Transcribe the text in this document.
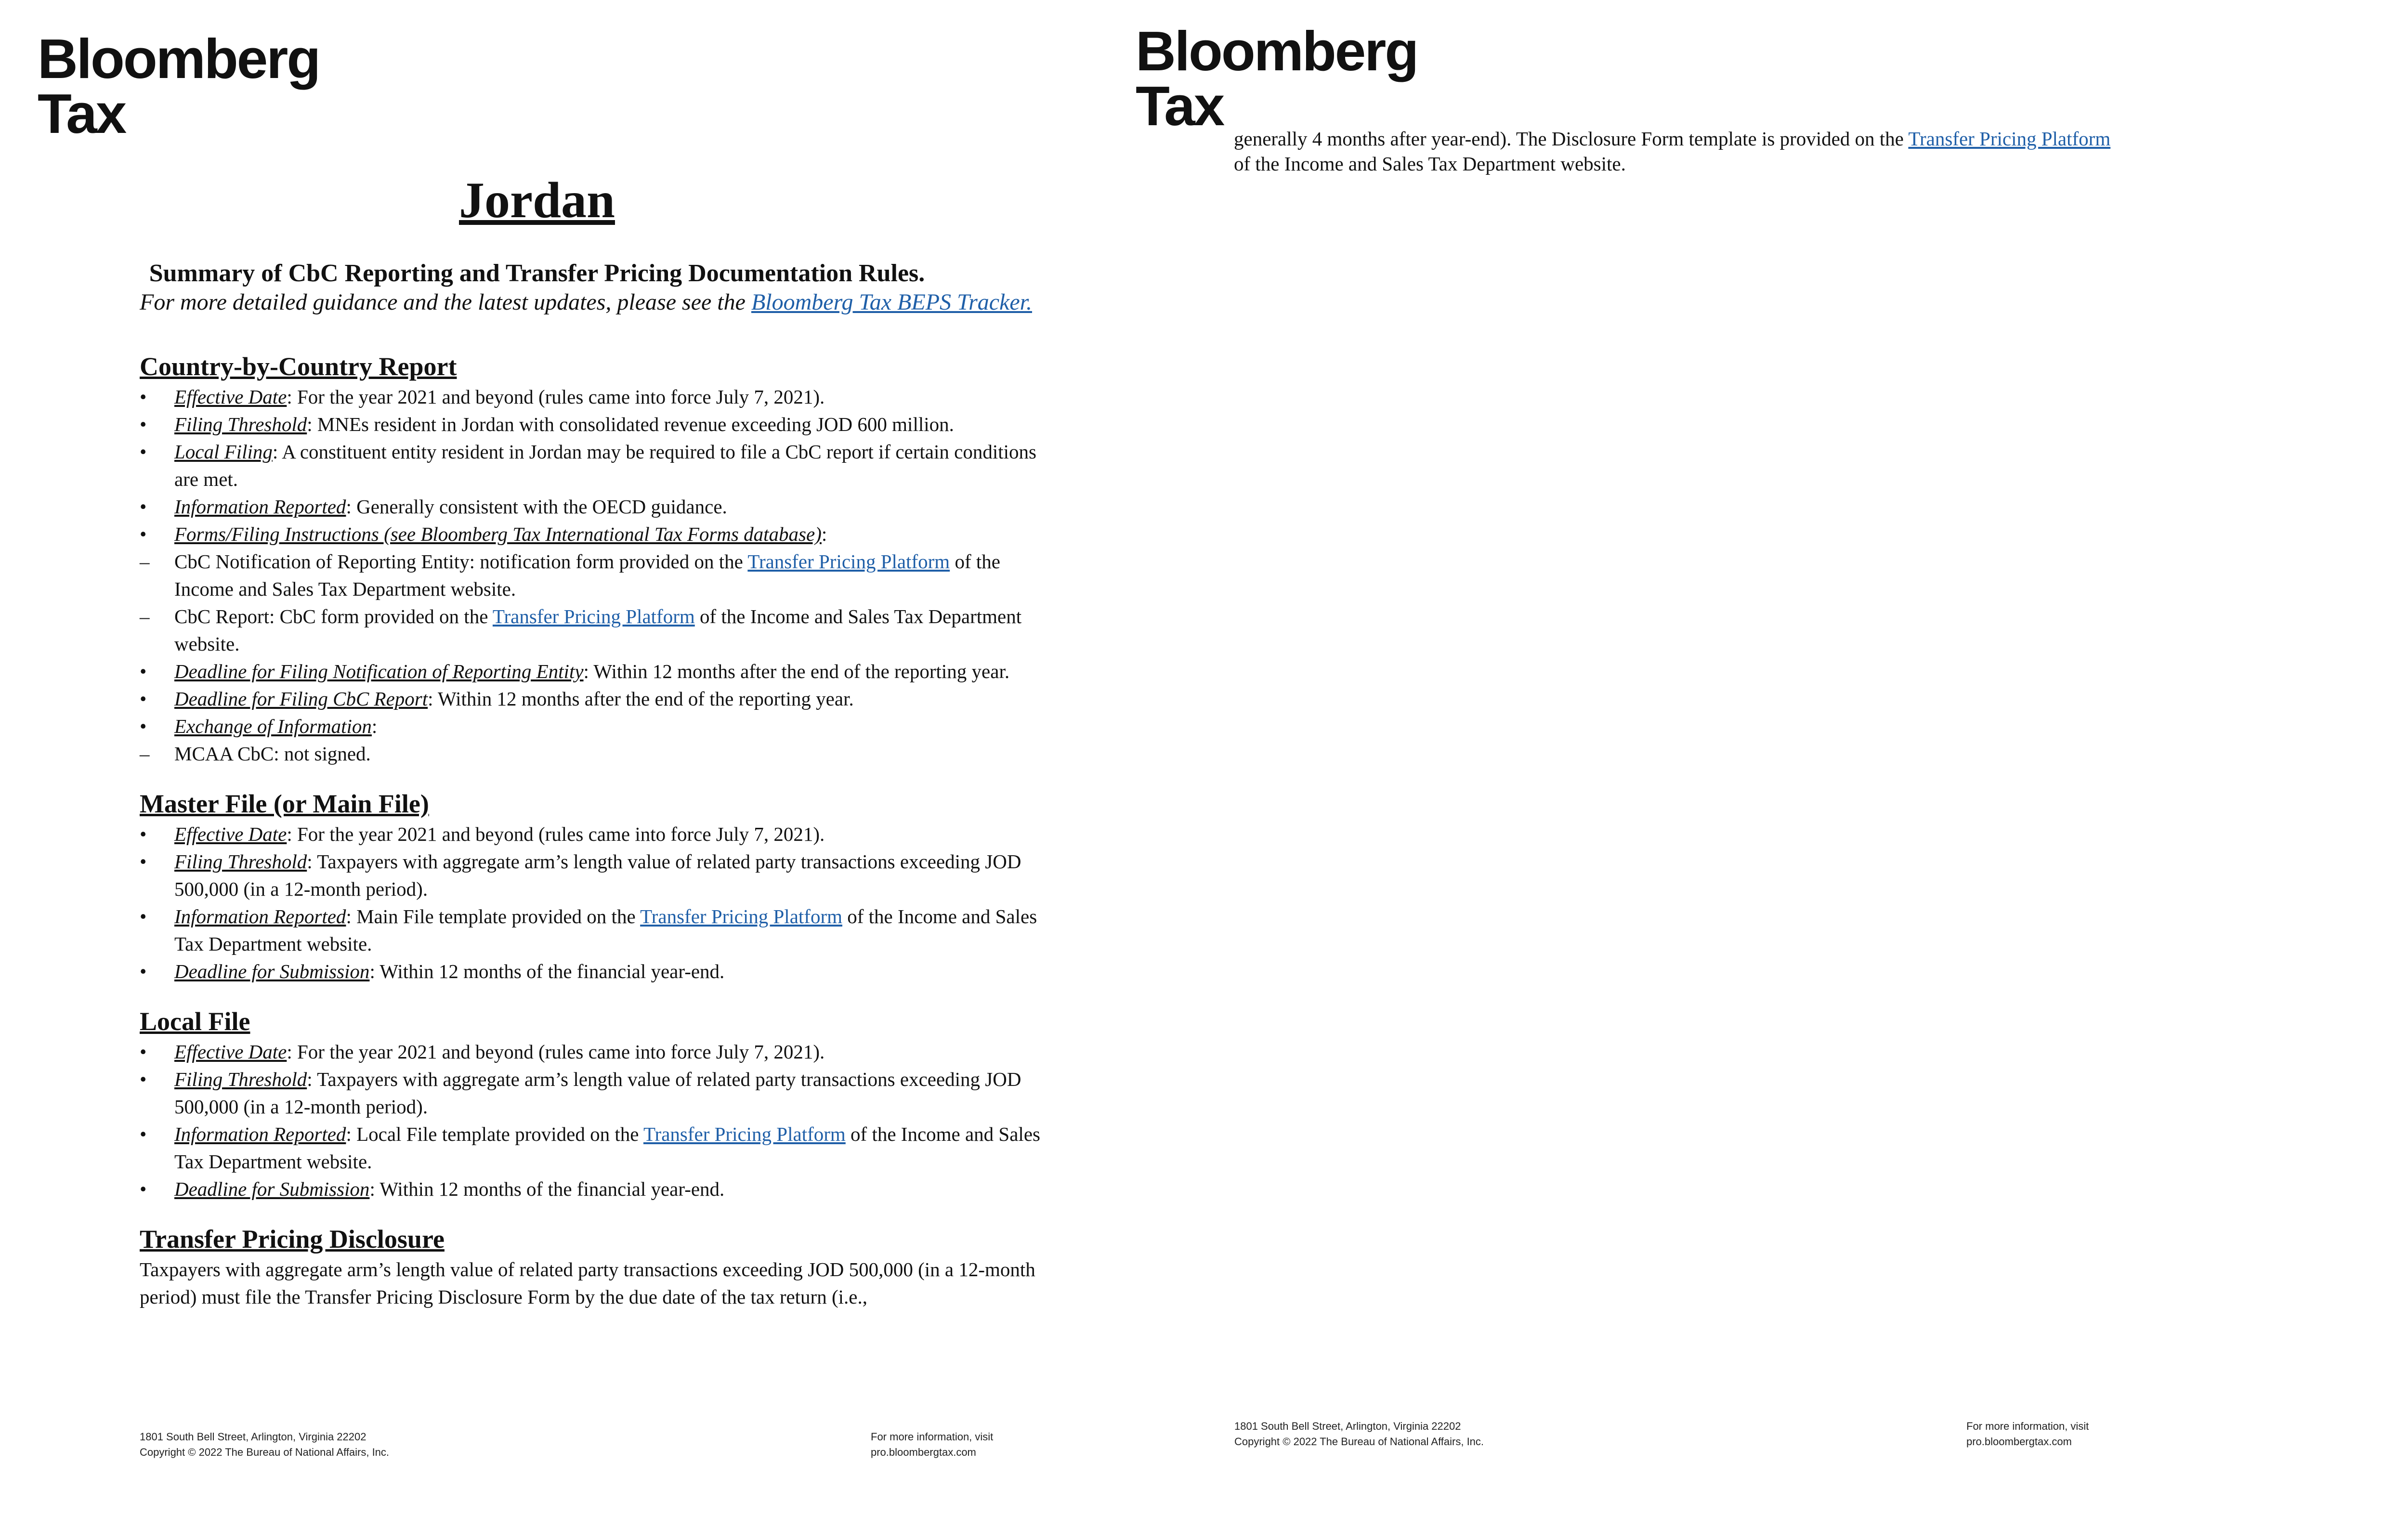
Bloomberg
Tax
Jordan
Summary of CbC Reporting and Transfer Pricing Documentation Rules.
For more detailed guidance and the latest updates, please see the Bloomberg Tax BEPS Tracker.
Country-by-Country Report
• Effective Date: For the year 2021 and beyond (rules came into force July 7, 2021).
• Filing Threshold: MNEs resident in Jordan with consolidated revenue exceeding JOD 600 million.
• Local Filing: A constituent entity resident in Jordan may be required to file a CbC report if certain conditions are met.
• Information Reported: Generally consistent with the OECD guidance.
• Forms/Filing Instructions (see Bloomberg Tax International Tax Forms database):
– CbC Notification of Reporting Entity: notification form provided on the Transfer Pricing Platform of the Income and Sales Tax Department website.
– CbC Report: CbC form provided on the Transfer Pricing Platform of the Income and Sales Tax Department website.
• Deadline for Filing Notification of Reporting Entity: Within 12 months after the end of the reporting year.
• Deadline for Filing CbC Report: Within 12 months after the end of the reporting year.
• Exchange of Information:
– MCAA CbC: not signed.
Master File (or Main File)
• Effective Date: For the year 2021 and beyond (rules came into force July 7, 2021).
• Filing Threshold: Taxpayers with aggregate arm’s length value of related party transactions exceeding JOD 500,000 (in a 12-month period).
• Information Reported: Main File template provided on the Transfer Pricing Platform of the Income and Sales Tax Department website.
• Deadline for Submission: Within 12 months of the financial year-end.
Local File
• Effective Date: For the year 2021 and beyond (rules came into force July 7, 2021).
• Filing Threshold: Taxpayers with aggregate arm’s length value of related party transactions exceeding JOD 500,000 (in a 12-month period).
• Information Reported: Local File template provided on the Transfer Pricing Platform of the Income and Sales Tax Department website.
• Deadline for Submission: Within 12 months of the financial year-end.
Transfer Pricing Disclosure

Taxpayers with aggregate arm’s length value of related party transactions exceeding JOD 500,000 (in a 12-month period) must file the Transfer Pricing Disclosure Form by the due date of the tax return (i.e.,

1801 South Bell Street, Arlington, Virginia 22202
Copyright © 2022 The Bureau of National Affairs, Inc.
For more information, visit
pro.bloombergtax.com
Bloomberg
Tax
generally 4 months after year-end). The Disclosure Form template is provided on the Transfer Pricing Platform of the Income and Sales Tax Department website.
1801 South Bell Street, Arlington, Virginia 22202
Copyright © 2022 The Bureau of National Affairs, Inc.
For more information, visit
pro.bloombergtax.com
